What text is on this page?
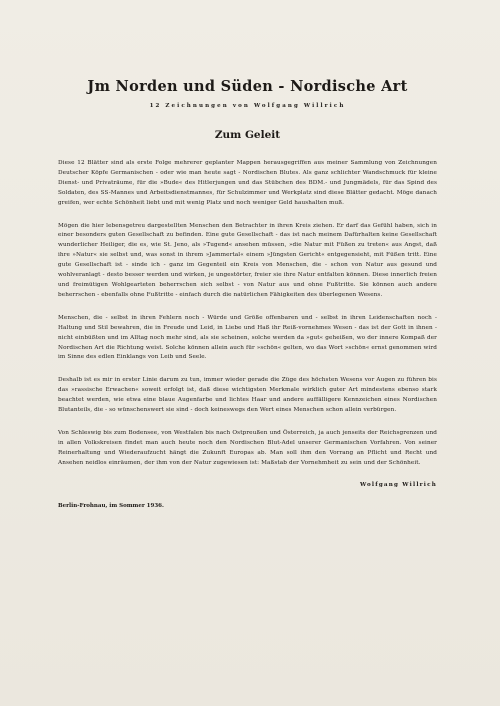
Jm Norden und Süden - Nordische Art
12 Zeichnungen von Wolfgang Willrich
Zum Geleit

Diese 12 Blätter sind als erste Folge mehrerer geplanter Mappen herausgegriffen aus meiner Sammlung von Zeichnungen Deutscher Köpfe Germanischen - oder wie man heute sagt - Nordischen Blutes. Als ganz schlichter Wandschmuck für kleine Dienst- und Privaträume, für die »Bude« des Hitlerjungen und das Stübchen des BDM.- und Jungmädels, für das Spind des Soldaten, des SS-Mannes und Arbeitsdienstmannes, für Schulzimmer und Werkplatz sind diese Blätter gedacht. Möge danach greifen, wer echte Schönheit liebt und mit wenig Platz und noch weniger Geld haushalten muß.

Mögen die hier lebensgetreu dargestellten Menschen den Betrachter in ihren Kreis ziehen. Er darf das Gefühl haben, sich in einer besonders guten Gesellschaft zu befinden. Eine gute Gesellschaft - das ist nach meinem Dafürhalten keine Gesellschaft wunderlicher Heiliger, die es, wie St. Jeno, als »Tugend« ansehen müssen, »die Natur mit Füßen zu treten« aus Angst, daß ihre »Natur« sie selbst und, was sonst in ihrem »Jammertal« einem »Jüngsten Gericht« entgegensieht, mit Füßen tritt. Eine gute Gesellschaft ist - sinde ich - ganz im Gegenteil ein Kreis von Menschen, die - schon von Natur aus gesund und wohlveranlagt - desto besser werden und wirken, je ungestörter, freier sie ihre Natur entfalten können. Diese innerlich freien und freimütigen Wohlgearteten beherrschen sich selbst - von Natur aus und ohne Fußtritte. Sie können auch andere beherrschen - ebenfalls ohne Fußtritte - einfach durch die natürlichen Fähigkeiten des überlegenen Wesens.

Menschen, die - selbst in ihren Fehlern noch - Würde und Größe offenbaren und - selbst in ihren Leidenschaften noch - Haltung und Stil bewahren, die in Freude und Leid, in Liebe und Haß ihr Reiß-vornehmes Wesen - das ist der Gott in ihnen - nicht einbüßten und im Alltag noch mehr sind, als sie scheinen, solche werden da »gut« geheißen, wo der innere Kompaß der Nordischen Art die Richtung weist. Solche können allein auch für »schön« gelten, wo das Wort »schön« ernst genommen wird im Sinne des edlen Einklangs von Leib und Seele.

Deshalb ist es mir in erster Linie darum zu tun, immer wieder gerade die Züge des höchsten Wesens vor Augen zu führen bis das »rassische Erwachen« soweit erfolgt ist, daß diese wichtigsten Merkmale wirklich guter Art mindestens ebenso stark beachtet werden, wie etwa eine blaue Augenfarbe und lichtes Haar und andere auffälligere Kennzeichen eines Nordischen Blutanteils, die - so wünschenswert sie sind - doch keineswegs den Wert eines Menschen schon allein verbürgen.

Von Schleswig bis zum Bodensee, von Westfalen bis nach Ostpreußen und Österreich, ja auch jenseits der Reichsgrenzen und in allen Volkskreisen findet man auch heute noch den Nordischen Blut-Adel unserer Germanischen Vorfahren. Von seiner Reinerhaltung und Wiederaufzucht hängt die Zukunft Europas ab. Man soll ihm den Vorrang an Pflicht und Recht und Ansehen neidlos einräumen, der ihm von der Natur zugewiesen ist: Maßstab der Vornehmheit zu sein und der Schönheit.

Wolfgang Willrich
Berlin-Frohnau, im Sommer 1936.
